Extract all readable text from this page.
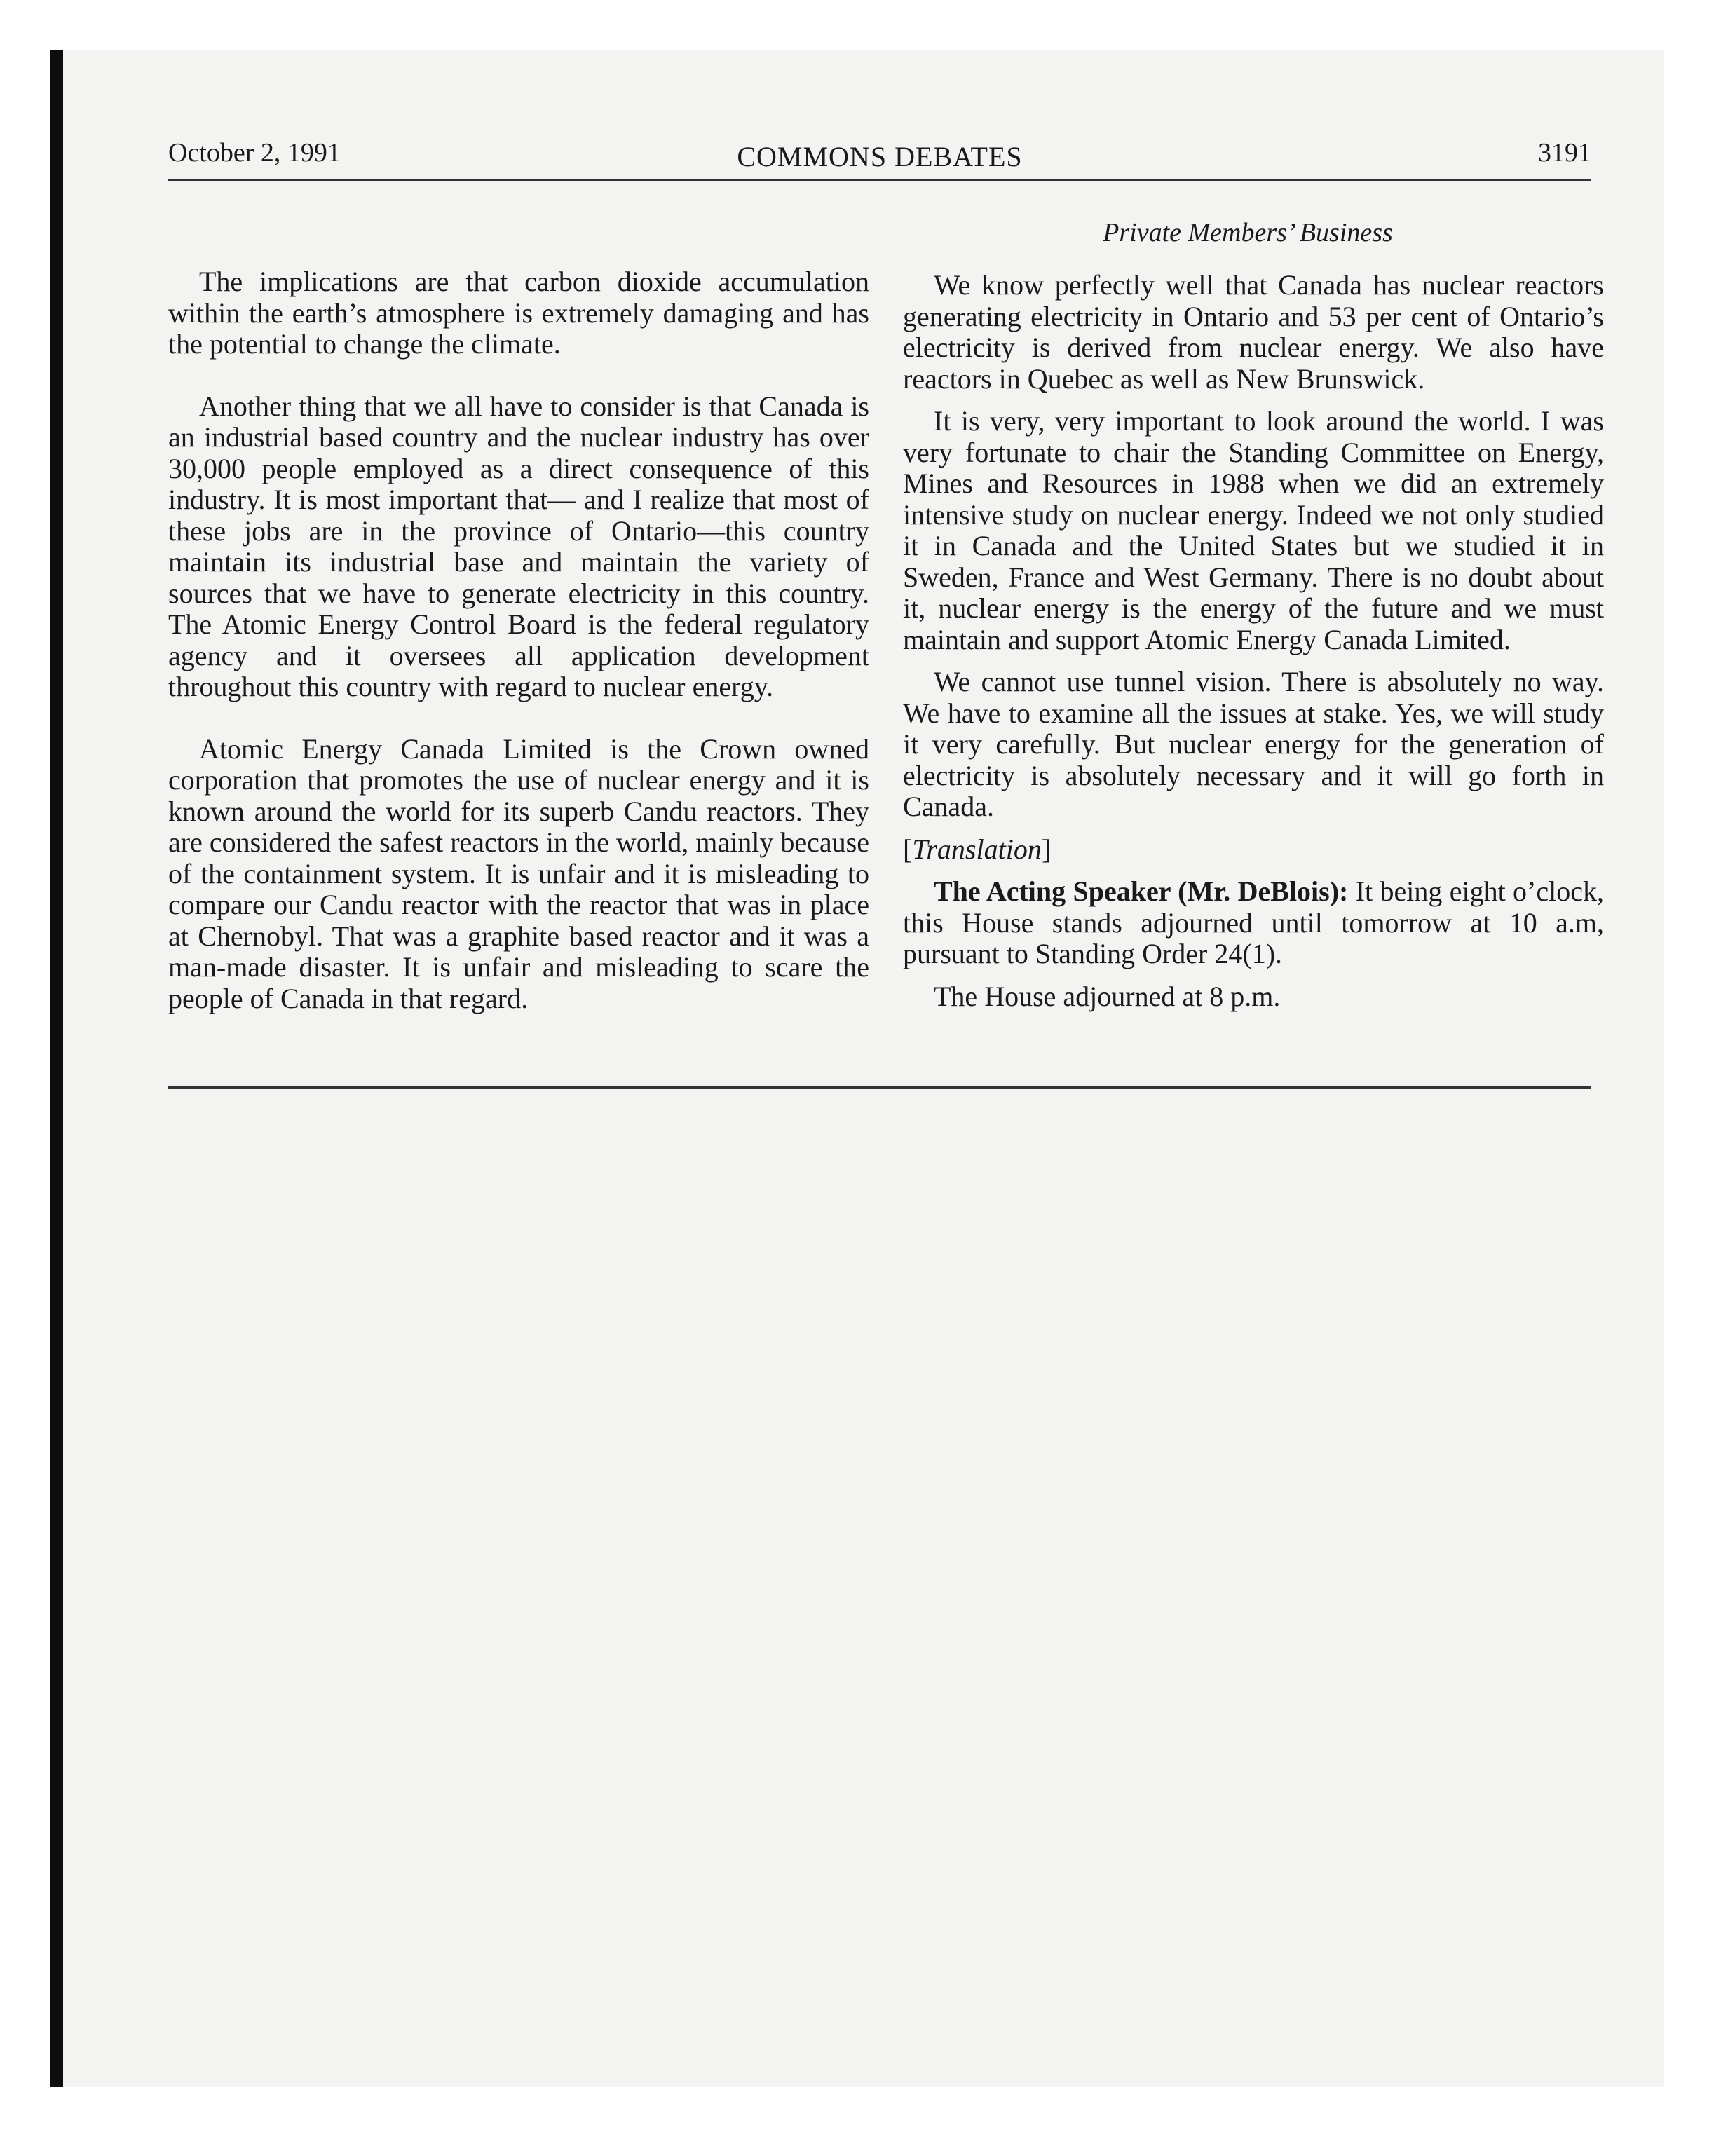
October 2, 1991	COMMONS DEBATES	3191
Private Members’ Business

The implications are that carbon dioxide accumulation within the earth’s atmosphere is extremely damaging and has the potential to change the climate.

Another thing that we all have to consider is that Canada is an industrial based country and the nuclear industry has over 30,000 people employed as a direct consequence of this industry. It is most important that— and I realize that most of these jobs are in the province of Ontario—this country maintain its industrial base and maintain the variety of sources that we have to generate electricity in this country. The Atomic Energy Control Board is the federal regulatory agency and it oversees all application development throughout this country with regard to nuclear energy.

Atomic Energy Canada Limited is the Crown owned corporation that promotes the use of nuclear energy and it is known around the world for its superb Candu reactors. They are considered the safest reactors in the world, mainly because of the containment system. It is unfair and it is misleading to compare our Candu reactor with the reactor that was in place at Chernobyl. That was a graphite based reactor and it was a man-made disaster. It is unfair and misleading to scare the people of Canada in that regard.

We know perfectly well that Canada has nuclear reactors generating electricity in Ontario and 53 per cent of Ontario’s electricity is derived from nuclear energy. We also have reactors in Quebec as well as New Brunswick.

It is very, very important to look around the world. I was very fortunate to chair the Standing Committee on Energy, Mines and Resources in 1988 when we did an extremely intensive study on nuclear energy. Indeed we not only studied it in Canada and the United States but we studied it in Sweden, France and West Germany. There is no doubt about it, nuclear energy is the energy of the future and we must maintain and support Atomic Energy Canada Limited.

We cannot use tunnel vision. There is absolutely no way. We have to examine all the issues at stake. Yes, we will study it very carefully. But nuclear energy for the generation of electricity is absolutely necessary and it will go forth in Canada.

[Translation]

The Acting Speaker (Mr. DeBlois): It being eight o’clock, this House stands adjourned until tomorrow at 10 a.m, pursuant to Standing Order 24(1).

The House adjourned at 8 p.m.
